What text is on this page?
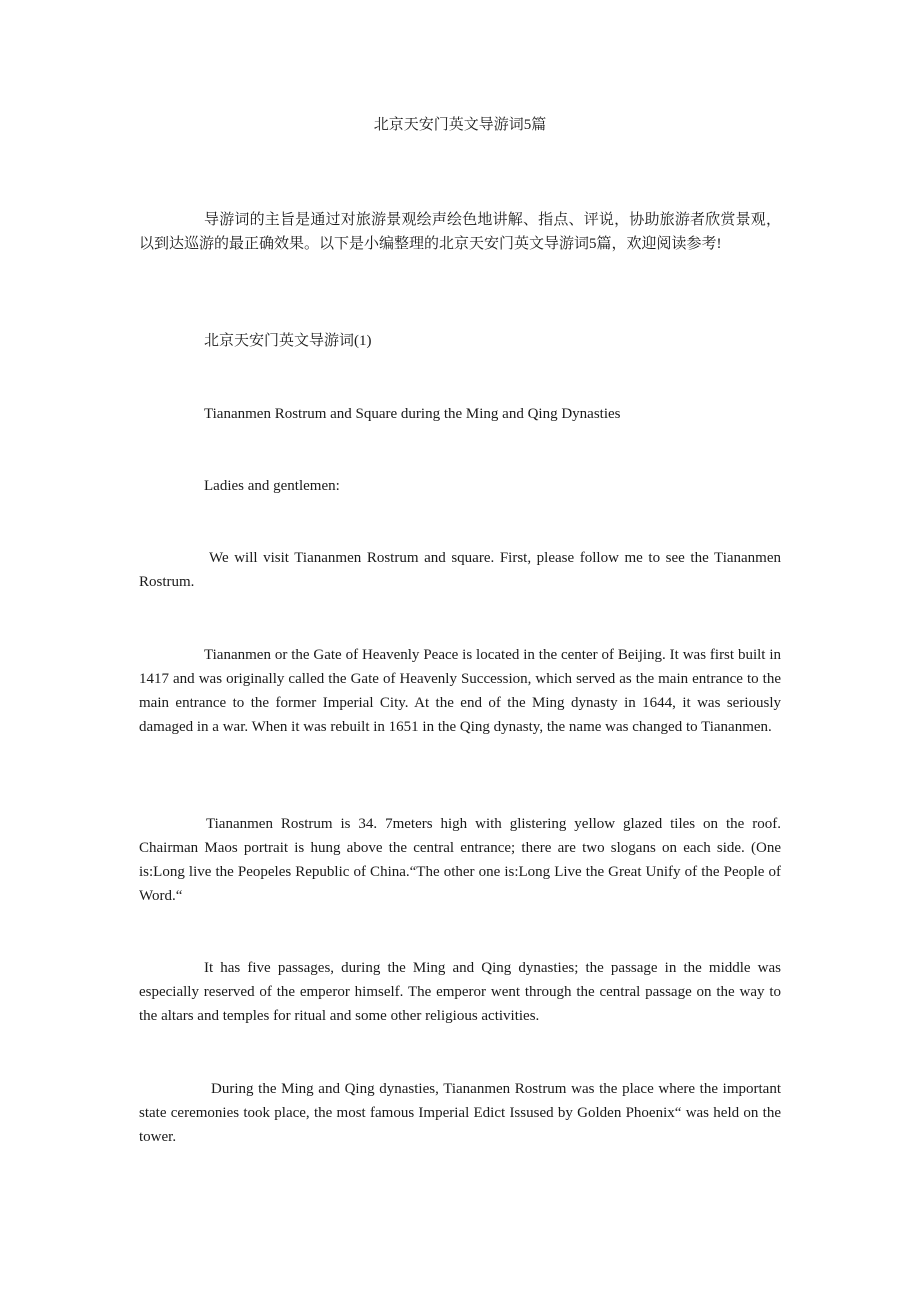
北京天安门英文导游词5篇

导游词的主旨是通过对旅游景观绘声绘色地讲解、指点、评说，协助旅游者欣赏景观，以到达巡游的最正确效果。以下是小编整理的北京天安门英文导游词5篇，欢迎阅读参考!

北京天安门英文导游词(1)
Tiananmen Rostrum and Square during the Ming and Qing Dynasties
Ladies and gentlemen:

We will visit Tiananmen Rostrum and square. First, please follow me to see the Tiananmen Rostrum.

Tiananmen or the Gate of Heavenly Peace is located in the center of Beijing. It was first built in 1417 and was originally called the Gate of Heavenly Succession, which served as the main entrance to the main entrance to the former Imperial City. At the end of the Ming dynasty in 1644, it was seriously damaged in a war. When it was rebuilt in 1651 in the Qing dynasty, the name was changed to Tiananmen.

Tiananmen Rostrum is 34. 7meters high with glistering yellow glazed tiles on the roof. Chairman Maos portrait is hung above the central entrance; there are two slogans on each side. (One is:Long live the Peopeles Republic of China.“The other one is:Long Live the Great Unify of the People of Word.“

It has five passages, during the Ming and Qing dynasties; the passage in the middle was especially reserved of the emperor himself. The emperor went through the central passage on the way to the altars and temples for ritual and some other religious activities.

During the Ming and Qing dynasties, Tiananmen Rostrum was the place where the important state ceremonies took place, the most famous Imperial Edict Issused by Golden Phoenix“ was held on the tower.
